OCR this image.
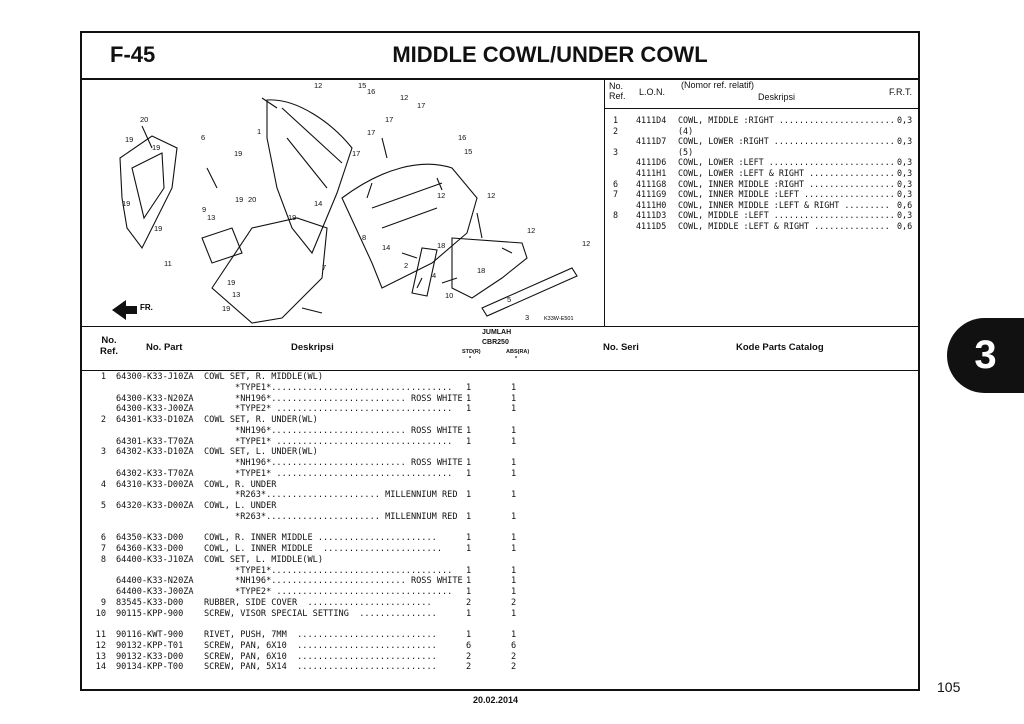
F-45	MIDDLE COWL/UNDER COWL
FR.
20
19
19
6
19
19
19
11
9
13
19 20
19
13
19
1
12	15
16
12
17
17
17
17
16
15
14
19
7
8
14
12	12
12
12
18
18
2
4
10	5
3	K33W-E501
No.
Ref.	L.O.N.
(Nomor ref. relatif)
Deskripsi	F.R.T.
1 4111D4 COWL, MIDDLE :RIGHT ....................... 0,3
2	(4)
4111D7 COWL, LOWER :RIGHT ........................ 0,3
3	(5)
4111D6 COWL, LOWER :LEFT ......................... 0,3
4111H1 COWL, LOWER :LEFT & RIGHT ................. 0,3
6 4111G8 COWL, INNER MIDDLE :RIGHT ................. 0,3
7 4111G9 COWL, INNER MIDDLE :LEFT .................. 0,3
4111H0 COWL, INNER MIDDLE :LEFT & RIGHT ......... 0,6
8 4111D3 COWL, MIDDLE :LEFT ........................ 0,3
4111D5 COWL, MIDDLE :LEFT & RIGHT ............... 0,6
No.
Ref.	No. Part	Deskripsi
JUMLAH
CBR250
STD(R)	ABS(RA)
*	*
No. Seri	Kode Parts Catalog
1 64300-K33-J10ZA COWL SET, R. MIDDLE(WL)
*TYPE1*................................... 1	1
64300-K33-N20ZA *NH196*.......................... ROSS WHITE 1	1
64300-K33-J00ZA *TYPE2* .................................. 1	1
2 64301-K33-D10ZA COWL SET, R. UNDER(WL)
*NH196*.......................... ROSS WHITE 1	1
64301-K33-T70ZA *TYPE1* .................................. 1	1
3 64302-K33-D10ZA COWL SET, L. UNDER(WL)
*NH196*.......................... ROSS WHITE 1	1
64302-K33-T70ZA *TYPE1* .................................. 1	1
4 64310-K33-D00ZA COWL, R. UNDER
*R263*...................... MILLENNIUM RED 1	1
5 64320-K33-D00ZA COWL, L. UNDER
*R263*...................... MILLENNIUM RED 1	1
6 64350-K33-D00 COWL, R. INNER MIDDLE .......................	1	1
7 64360-K33-D00 COWL, L. INNER MIDDLE  .......................	1	1
8 64400-K33-J10ZA COWL SET, L. MIDDLE(WL)
*TYPE1*................................... 1	1
64400-K33-N20ZA *NH196*.......................... ROSS WHITE 1	1
64400-K33-J00ZA *TYPE2* .................................. 1	1
9 83545-K33-D00 RUBBER, SIDE COVER  ........................	2	2
10 90115-KPP-900 SCREW, VISOR SPECIAL SETTING  ...............	1	1
11 90116-KWT-900 RIVET, PUSH, 7MM  ...........................	1	1
12 90132-KPP-T01 SCREW, PAN, 6X10  ...........................	6	6
13 90132-K33-D00 SCREW, PAN, 6X10  ...........................	2	2
14 90134-KPP-T00 SCREW, PAN, 5X14  ...........................	2	2
3
105
20.02.2014
